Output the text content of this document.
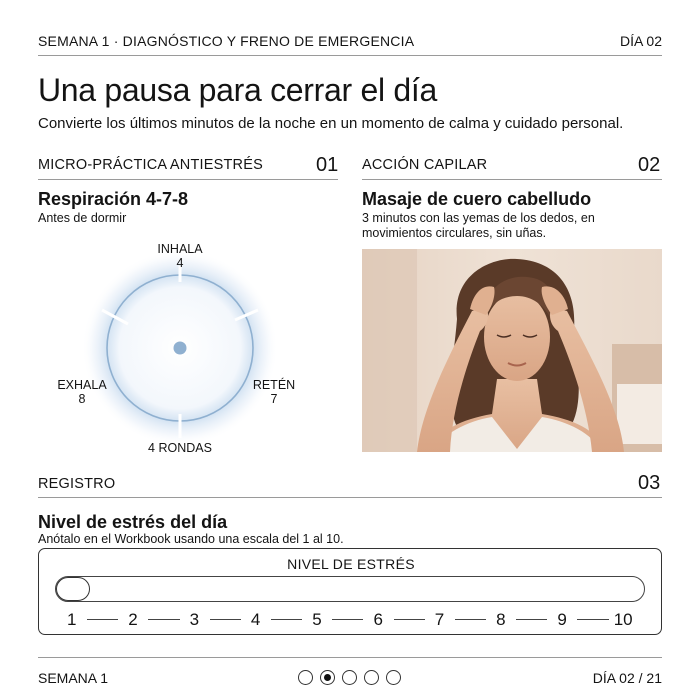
SEMANA 1 · DIAGNÓSTICO Y FRENO DE EMERGENCIA	DÍA 02
Una pausa para cerrar el día
Convierte los últimos minutos de la noche en un momento de calma y cuidado personal.
MICRO-PRÁCTICA ANTIESTRÉS	01
Respiración 4-7-8
Antes de dormir
INHALA
4
RETÉN
7
EXHALA
8
4 RONDAS
ACCIÓN CAPILAR	02
Masaje de cuero cabelludo
3 minutos con las yemas de los dedos, en
movimientos circulares, sin uñas.
REGISTRO	03
Nivel de estrés del día
Anótalo en el Workbook usando una escala del 1 al 10.
NIVEL DE ESTRÉS
1	2	3	4	5	6	7	8	9	10
SEMANA 1	DÍA 02 / 21
